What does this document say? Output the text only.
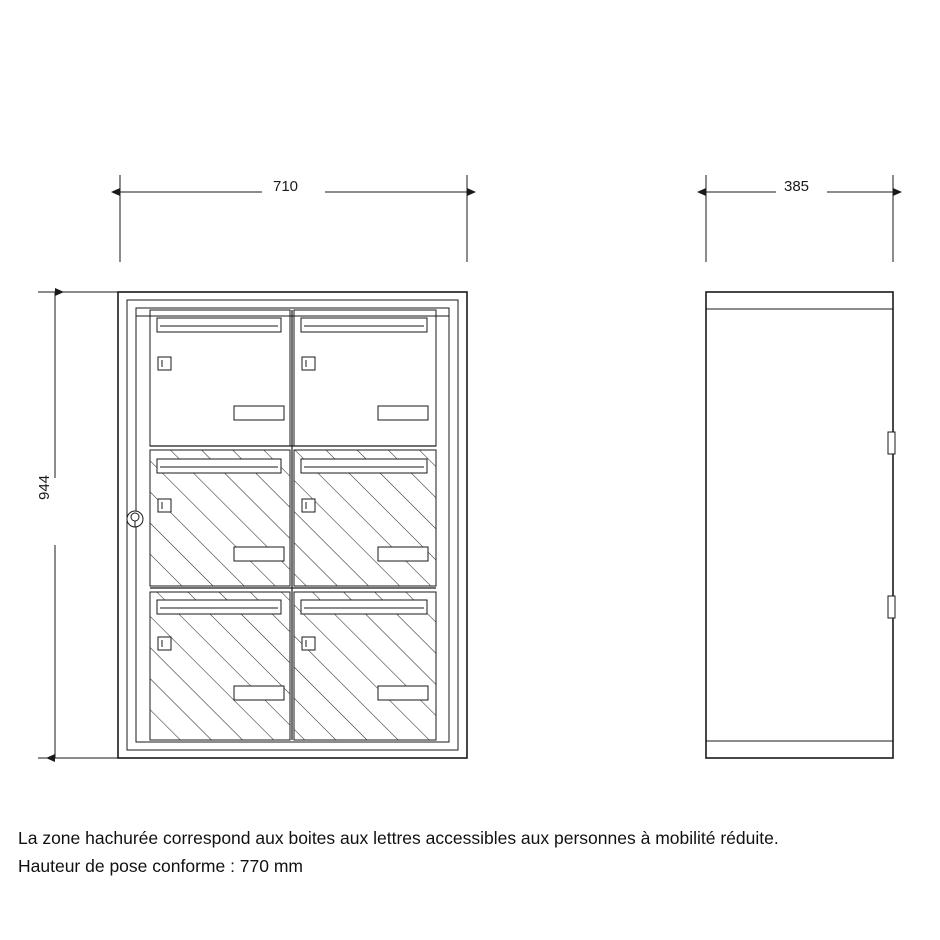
710	385
944
La zone hachurée correspond aux boites aux lettres accessibles aux personnes à mobilité réduite.
Hauteur de pose conforme : 770 mm
